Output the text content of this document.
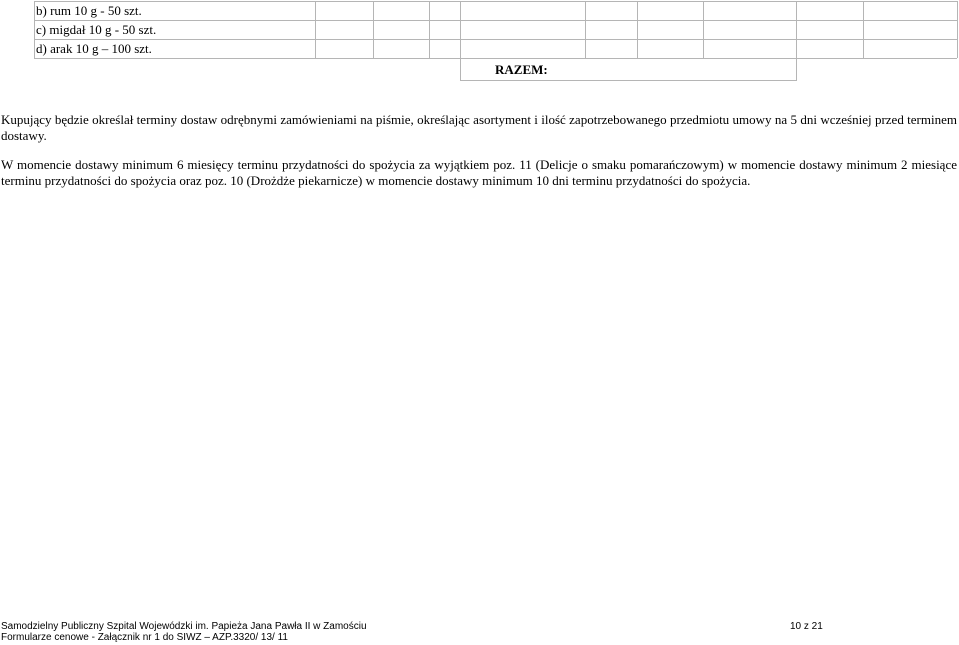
b) rum 10 g - 50 szt.
c) migdał 10 g - 50 szt.
d) arak 10 g – 100 szt.
RAZEM:
Kupujący będzie określał terminy dostaw odrębnymi zamówieniami na piśmie, określając asortyment i ilość zapotrzebowanego przedmiotu umowy na 5 dni wcześniej przed terminem dostawy.
W momencie dostawy minimum 6 miesięcy terminu przydatności do spożycia za wyjątkiem poz. 11 (Delicje o smaku pomarańczowym) w momencie dostawy minimum 2 miesiące terminu przydatności do spożycia oraz poz. 10 (Drożdże piekarnicze) w momencie dostawy minimum 10 dni terminu przydatności do spożycia.
Samodzielny Publiczny Szpital Wojewódzki im. Papieża Jana Pawła II w Zamościu	10 z 21
Formularze cenowe - Załącznik nr 1 do SIWZ – AZP.3320/ 13/ 11
